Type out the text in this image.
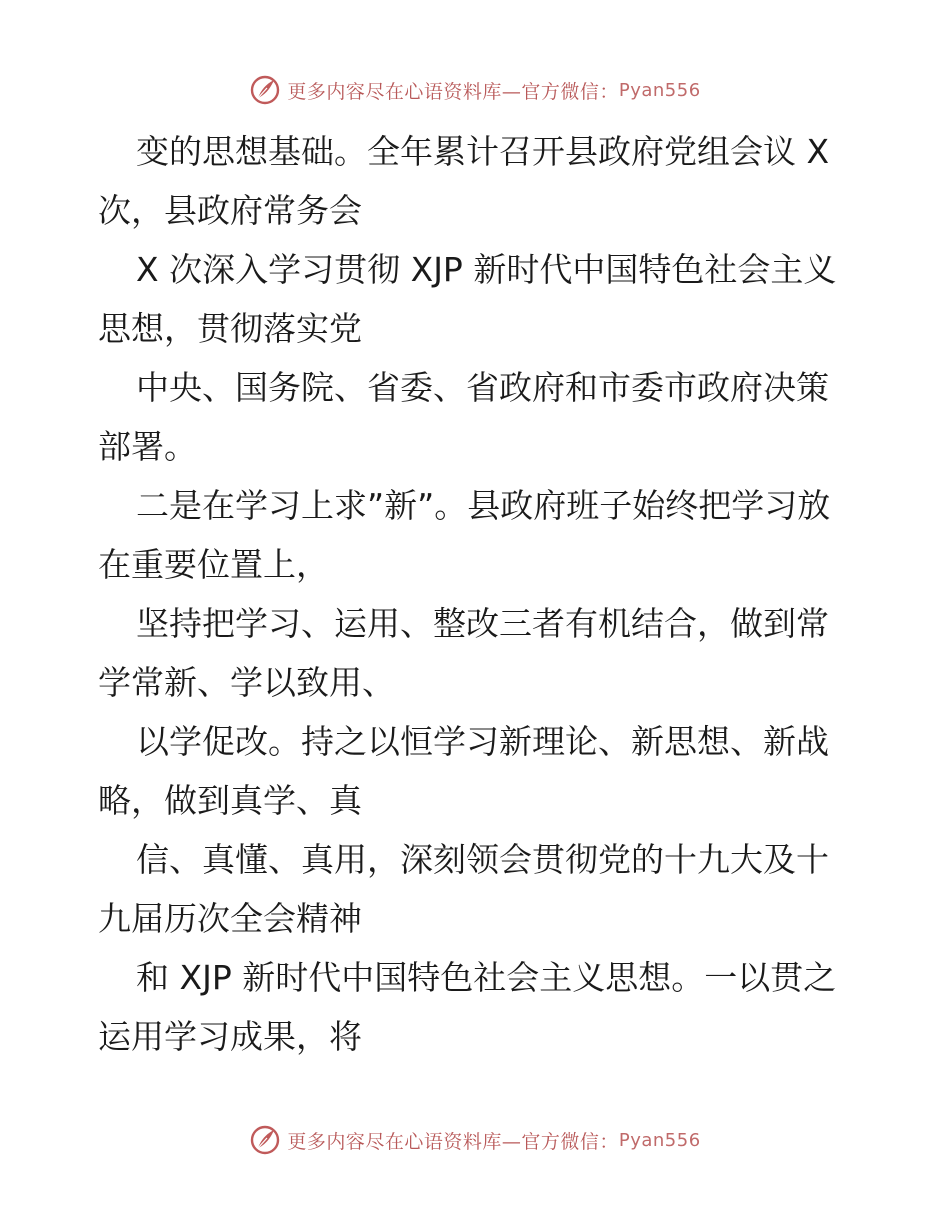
更多内容尽在心语资料库—官方微信： Pyan556

变的思想基础。全年累计召开县政府党组会议 X 次，县政府常务会

X 次深入学习贯彻 XJP 新时代中国特色社会主义思想，贯彻落实党

中央、国务院、省委、省政府和市委市政府决策部署。

二是在学习上求”新”。县政府班子始终把学习放在重要位置上，

坚持把学习、运用、整改三者有机结合，做到常学常新、学以致用、

以学促改。持之以恒学习新理论、新思想、新战略，做到真学、真

信、真懂、真用，深刻领会贯彻党的十九大及十九届历次全会精神

和 XJP 新时代中国特色社会主义思想。一以贯之运用学习成果，将

更多内容尽在心语资料库—官方微信： Pyan556
